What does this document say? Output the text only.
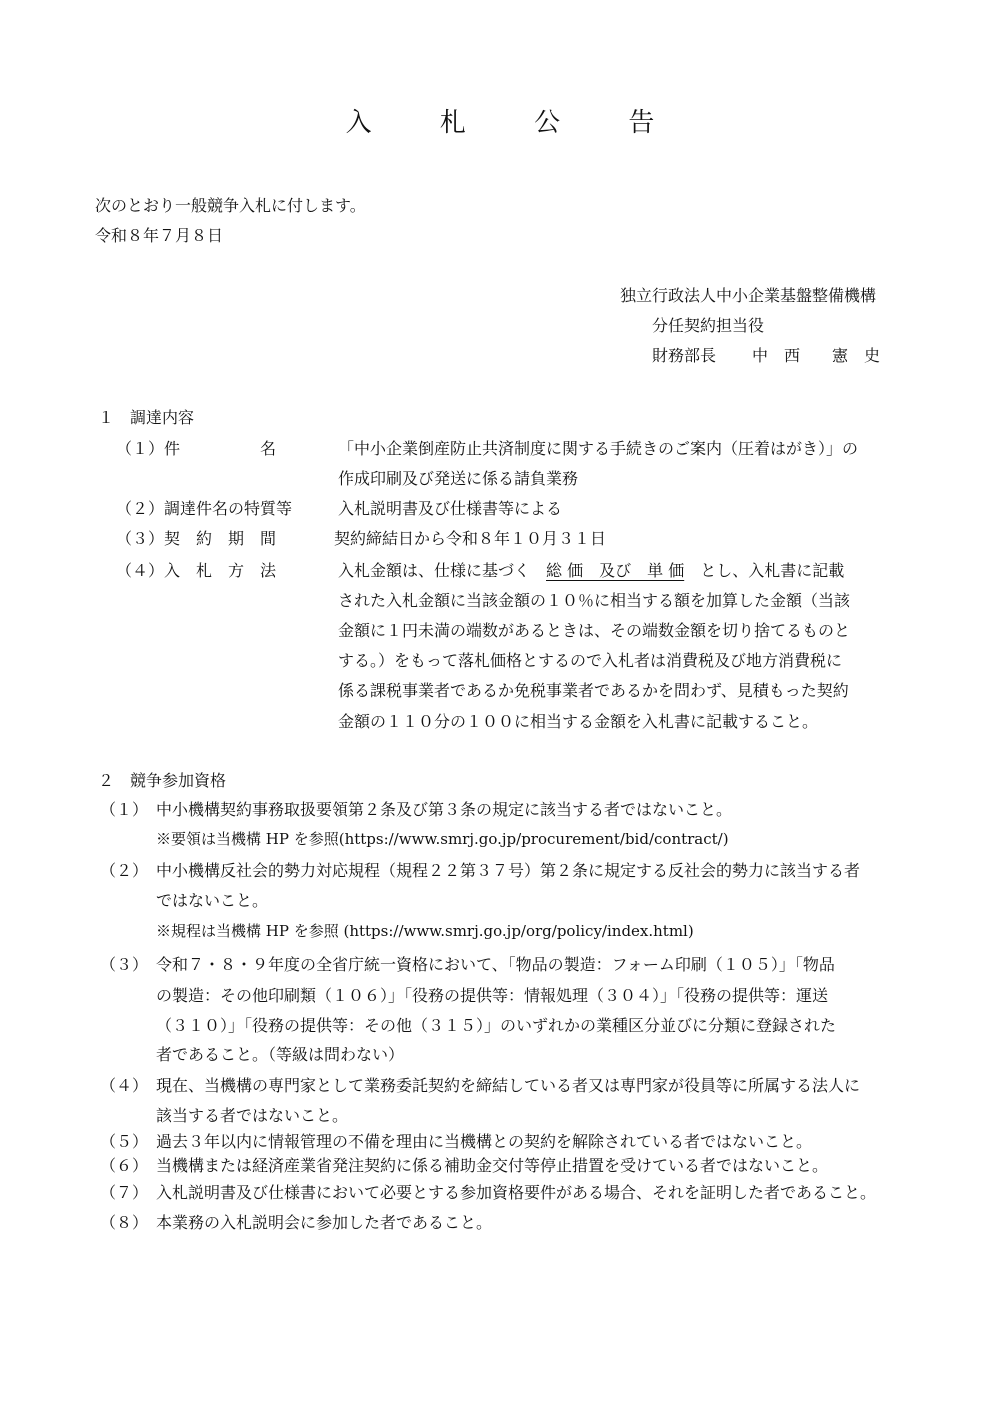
入 札 公 告

次のとおり一般競争入札に付します。

令和８年７月８日

独立行政法人中小企業基盤整備機構

分任契約担当役

財務部長 中　西　　憲　史

１　調達内容

（１）件　　　　　名	「中小企業倒産防止共済制度に関する手続きのご案内（圧着はがき）」の

作成印刷及び発送に係る請負業務

（２）調達件名の特質等	入札説明書及び仕様書等による

（３）契　約　期　間	契約締結日から令和８年１０月３１日

（４）入　札　方　法	入札金額は、仕様に基づく　総 価　及び　単 価　とし、入札書に記載

された入札金額に当該金額の１０％に相当する額を加算した金額（当該

金額に１円未満の端数があるときは、その端数金額を切り捨てるものと

する。）をもって落札価格とするので入札者は消費税及び地方消費税に

係る課税事業者であるか免税事業者であるかを問わず、見積もった契約

金額の１１０分の１００に相当する金額を入札書に記載すること。

２　競争参加資格

（１） 中小機構契約事務取扱要領第２条及び第３条の規定に該当する者ではないこと。

※要領は当機構 HP を参照(https://www.smrj.go.jp/procurement/bid/contract/)

（２） 中小機構反社会的勢力対応規程（規程２２第３７号）第２条に規定する反社会的勢力に該当する者

ではないこと。

※規程は当機構 HP を参照 (https://www.smrj.go.jp/org/policy/index.html)

（３） 令和７・８・９年度の全省庁統一資格において、「物品の製造：フォーム印刷（１０５）」「物品

の製造：その他印刷類（１０６）」「役務の提供等：情報処理（３０４）」「役務の提供等：運送

（３１０）」「役務の提供等：その他（３１５）」のいずれかの業種区分並びに分類に登録された

者であること。（等級は問わない）

（４） 現在、当機構の専門家として業務委託契約を締結している者又は専門家が役員等に所属する法人に

該当する者ではないこと。

（５） 過去３年以内に情報管理の不備を理由に当機構との契約を解除されている者ではないこと。

（６） 当機構または経済産業省発注契約に係る補助金交付等停止措置を受けている者ではないこと。

（７） 入札説明書及び仕様書において必要とする参加資格要件がある場合、それを証明した者であること。

（８） 本業務の入札説明会に参加した者であること。
